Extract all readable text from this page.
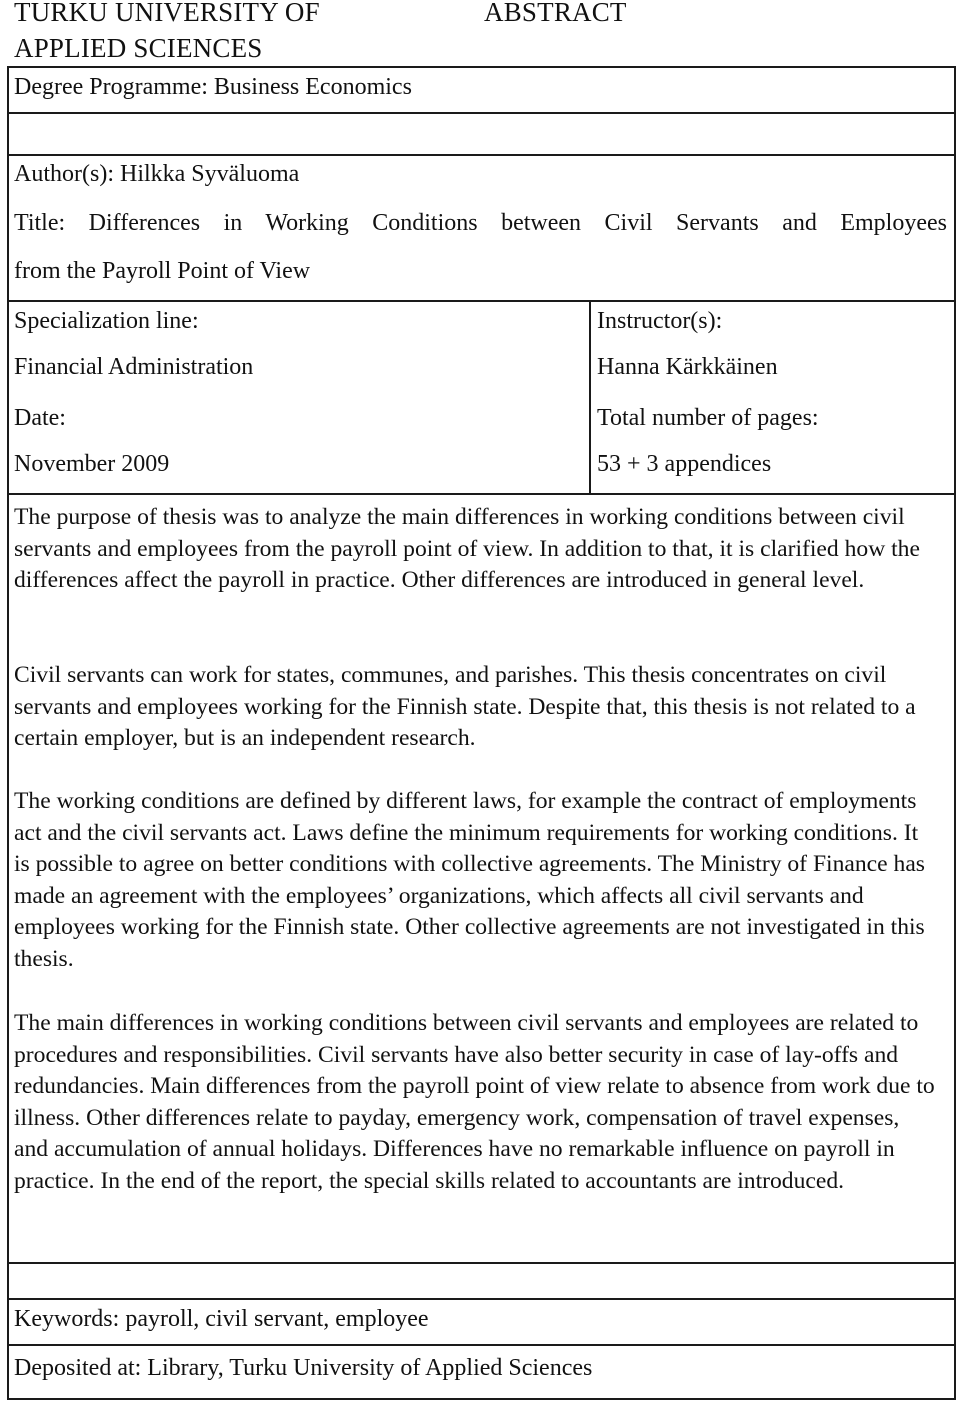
TURKU UNIVERSITY OF
APPLIED SCIENCES
ABSTRACT
Degree Programme: Business Economics
Author(s): Hilkka Syväluoma
Title: Differences in Working Conditions between Civil Servants and Employees
from the Payroll Point of View
Specialization line:
Financial Administration
Date:
November 2009
Instructor(s):
Hanna Kärkkäinen
Total number of pages:
53 + 3 appendices
The purpose of thesis was to analyze the main differences in working conditions between civil servants and employees from the payroll point of view. In addition to that, it is clarified how the differences affect the payroll in practice. Other differences are introduced in general level.
Civil servants can work for states, communes, and parishes. This thesis concentrates on civil servants and employees working for the Finnish state. Despite that, this thesis is not related to a certain employer, but is an independent research.
The working conditions are defined by different laws, for example the contract of employments act and the civil servants act. Laws define the minimum requirements for working conditions. It is possible to agree on better conditions with collective agreements. The Ministry of Finance has made an agreement with the employees’ organizations, which affects all civil servants and employees working for the Finnish state. Other collective agreements are not investigated in this thesis.
The main differences in working conditions between civil servants and employees are related to procedures and responsibilities. Civil servants have also better security in case of lay-offs and redundancies. Main differences from the payroll point of view relate to absence from work due to illness. Other differences relate to payday, emergency work, compensation of travel expenses, and accumulation of annual holidays. Differences have no remarkable influence on payroll in practice. In the end of the report, the special skills related to accountants are introduced.
Keywords: payroll, civil servant, employee
Deposited at: Library, Turku University of Applied Sciences
